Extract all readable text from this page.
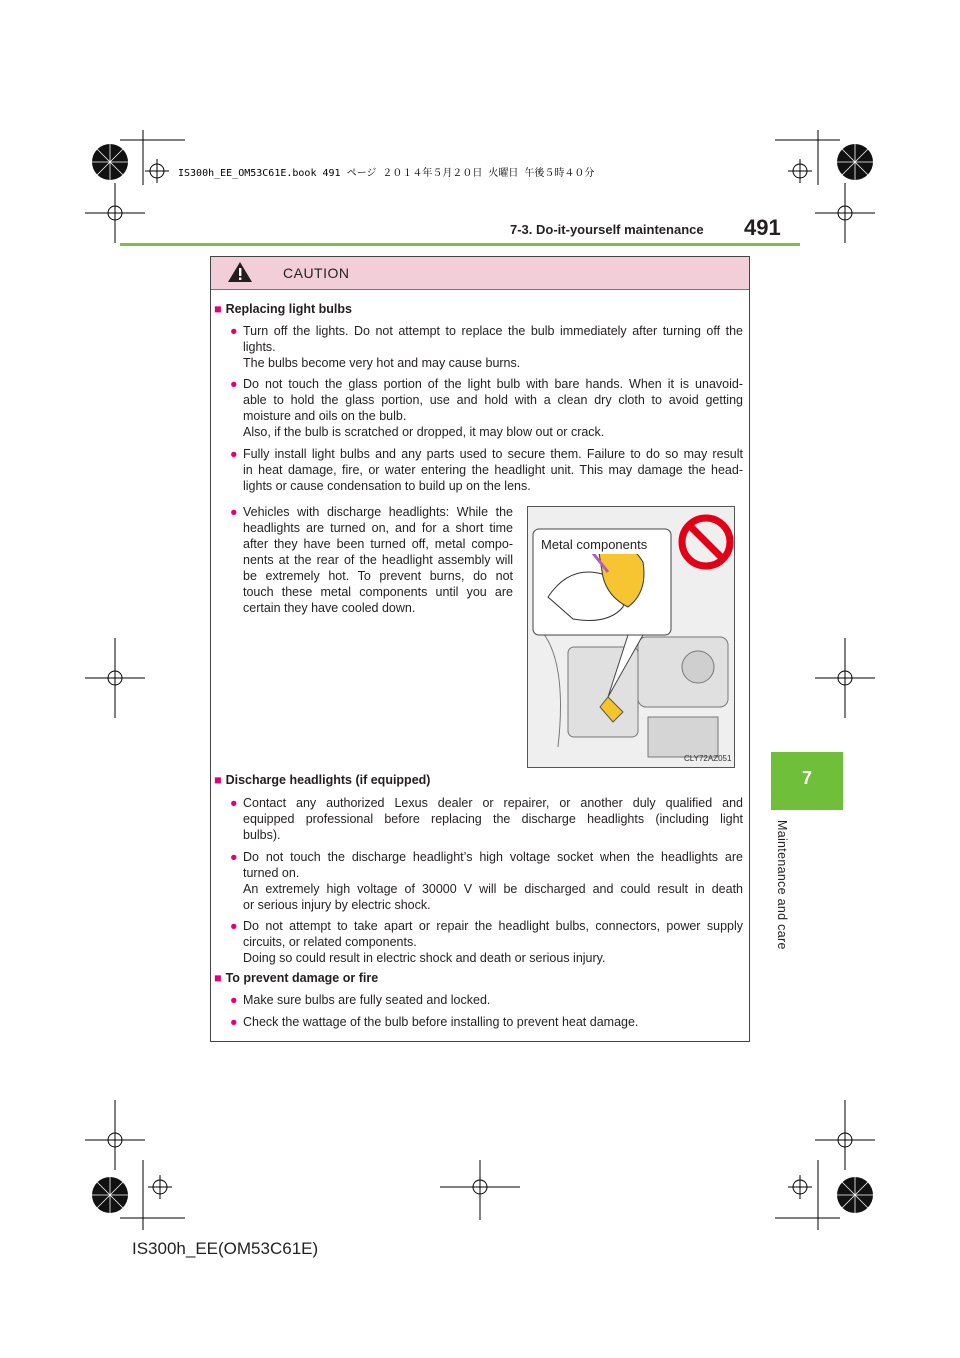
IS300h_EE_OM53C61E.book 491 ページ ２０１４年５月２０日 火曜日 午後５時４０分
7-3. Do-it-yourself maintenance 491
7
Maintenance and care
CAUTION
■ Replacing light bulbs
● Turn off the lights. Do not attempt to replace the bulb immediately after turning off the
lights.
The bulbs become very hot and may cause burns.
● Do not touch the glass portion of the light bulb with bare hands. When it is unavoid-
able to hold the glass portion, use and hold with a clean dry cloth to avoid getting
moisture and oils on the bulb.
Also, if the bulb is scratched or dropped, it may blow out or crack.
● Fully install light bulbs and any parts used to secure them. Failure to do so may result
in heat damage, fire, or water entering the headlight unit. This may damage the head-
lights or cause condensation to build up on the lens.
● Vehicles with discharge headlights: While the
headlights are turned on, and for a short time
after they have been turned off, metal compo-
nents at the rear of the headlight assembly will
be extremely hot. To prevent burns, do not
touch these metal components until you are
certain they have cooled down.
Metal components
CLY72AZ051
■ Discharge headlights (if equipped)
● Contact any authorized Lexus dealer or repairer, or another duly qualified and
equipped professional before replacing the discharge headlights (including light
bulbs).
● Do not touch the discharge headlight’s high voltage socket when the headlights are
turned on.
An extremely high voltage of 30000 V will be discharged and could result in death
or serious injury by electric shock.
● Do not attempt to take apart or repair the headlight bulbs, connectors, power supply
circuits, or related components.
Doing so could result in electric shock and death or serious injury.
■ To prevent damage or fire
● Make sure bulbs are fully seated and locked.
● Check the wattage of the bulb before installing to prevent heat damage.
IS300h_EE(OM53C61E)
